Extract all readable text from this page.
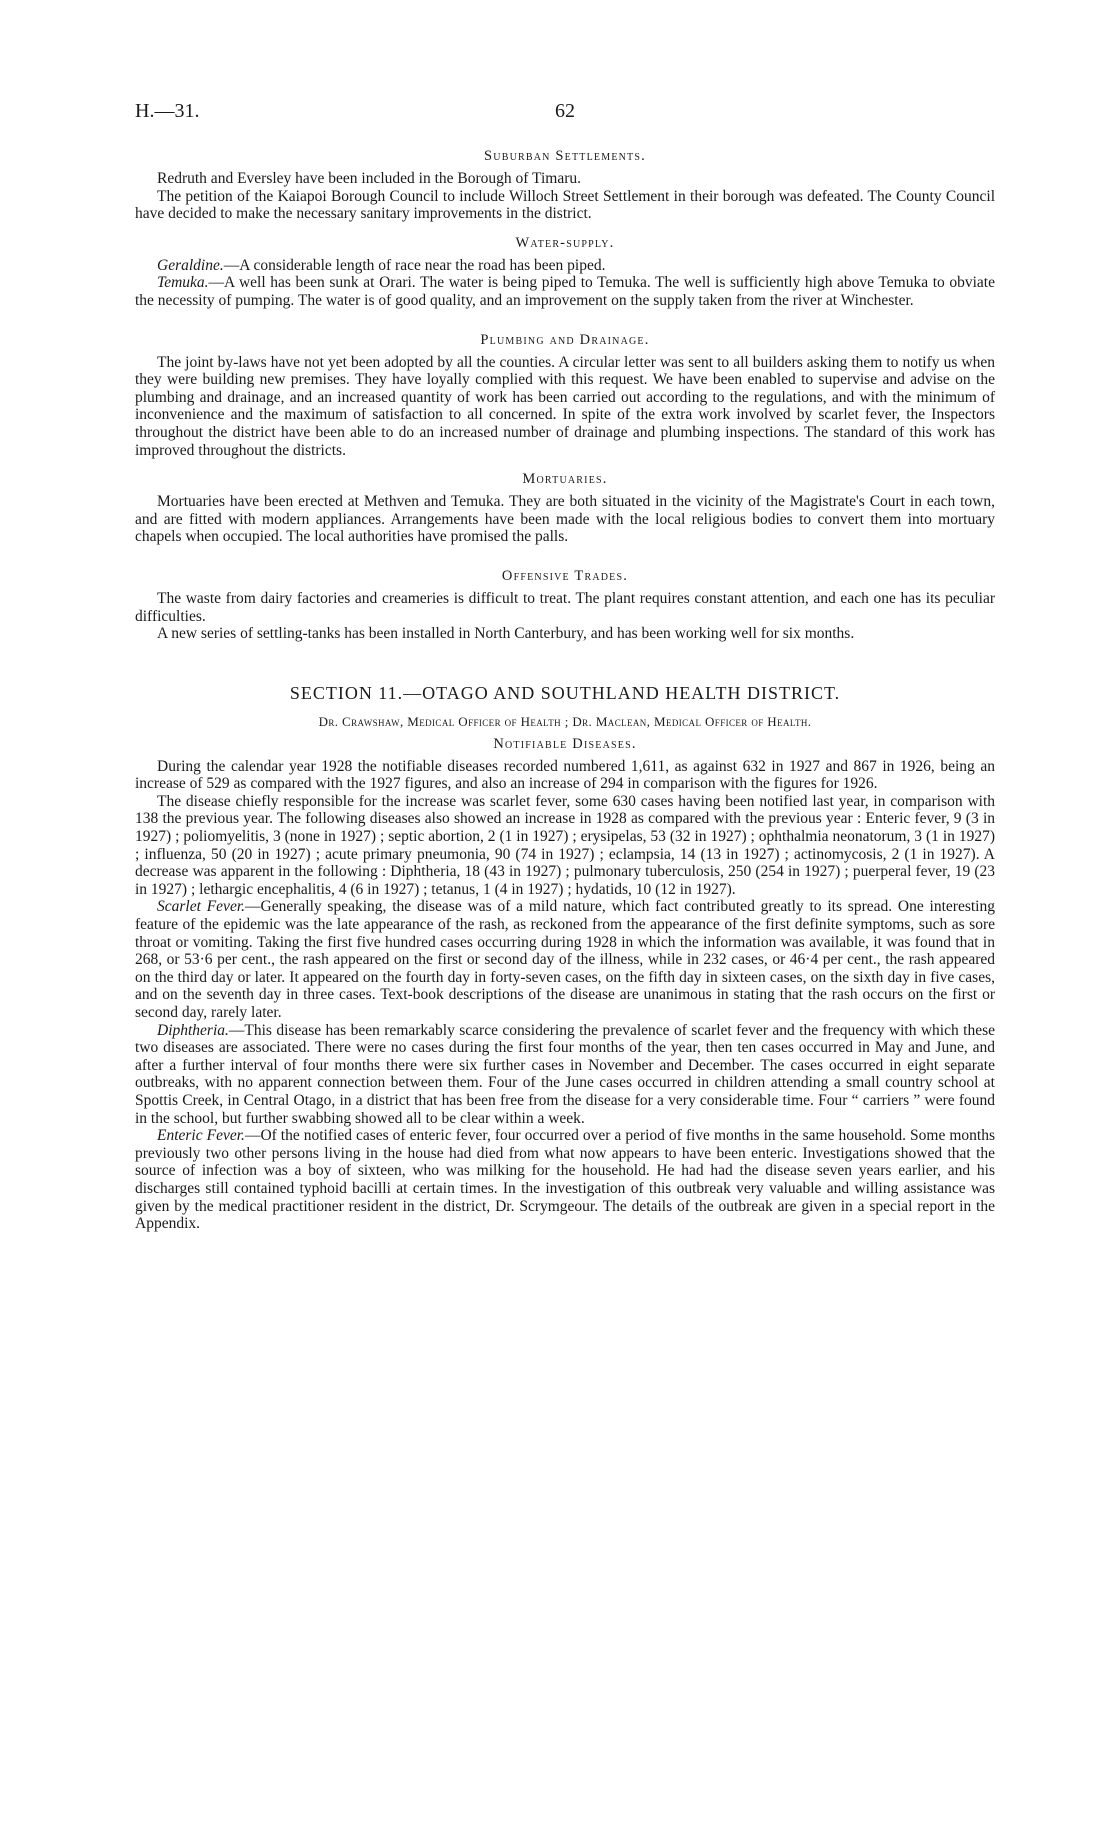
H.—31.	62
Suburban Settlements.

Redruth and Eversley have been included in the Borough of Timaru.

The petition of the Kaiapoi Borough Council to include Willoch Street Settlement in their borough was defeated. The County Council have decided to make the necessary sanitary improvements in the district.

Water-supply.

Geraldine.—A considerable length of race near the road has been piped.

Temuka.—A well has been sunk at Orari. The water is being piped to Temuka. The well is sufficiently high above Temuka to obviate the necessity of pumping. The water is of good quality, and an improvement on the supply taken from the river at Winchester.

Plumbing and Drainage.

The joint by-laws have not yet been adopted by all the counties. A circular letter was sent to all builders asking them to notify us when they were building new premises. They have loyally complied with this request. We have been enabled to supervise and advise on the plumbing and drainage, and an increased quantity of work has been carried out according to the regulations, and with the minimum of inconvenience and the maximum of satisfaction to all concerned. In spite of the extra work involved by scarlet fever, the Inspectors throughout the district have been able to do an increased number of drainage and plumbing inspections. The standard of this work has improved throughout the districts.

Mortuaries.

Mortuaries have been erected at Methven and Temuka. They are both situated in the vicinity of the Magistrate's Court in each town, and are fitted with modern appliances. Arrangements have been made with the local religious bodies to convert them into mortuary chapels when occupied. The local authorities have promised the palls.

Offensive Trades.

The waste from dairy factories and creameries is difficult to treat. The plant requires constant attention, and each one has its peculiar difficulties.

A new series of settling-tanks has been installed in North Canterbury, and has been working well for six months.

SECTION 11.—OTAGO AND SOUTHLAND HEALTH DISTRICT.
Dr. Crawshaw, Medical Officer of Health ; Dr. Maclean, Medical Officer of Health.
Notifiable Diseases.

During the calendar year 1928 the notifiable diseases recorded numbered 1,611, as against 632 in 1927 and 867 in 1926, being an increase of 529 as compared with the 1927 figures, and also an increase of 294 in comparison with the figures for 1926.

The disease chiefly responsible for the increase was scarlet fever, some 630 cases having been notified last year, in comparison with 138 the previous year. The following diseases also showed an increase in 1928 as compared with the previous year : Enteric fever, 9 (3 in 1927) ; poliomyelitis, 3 (none in 1927) ; septic abortion, 2 (1 in 1927) ; erysipelas, 53 (32 in 1927) ; ophthalmia neonatorum, 3 (1 in 1927) ; influenza, 50 (20 in 1927) ; acute primary pneumonia, 90 (74 in 1927) ; eclampsia, 14 (13 in 1927) ; actinomycosis, 2 (1 in 1927). A decrease was apparent in the following : Diphtheria, 18 (43 in 1927) ; pulmonary tuberculosis, 250 (254 in 1927) ; puerperal fever, 19 (23 in 1927) ; lethargic encephalitis, 4 (6 in 1927) ; tetanus, 1 (4 in 1927) ; hydatids, 10 (12 in 1927).

Scarlet Fever.—Generally speaking, the disease was of a mild nature, which fact contributed greatly to its spread. One interesting feature of the epidemic was the late appearance of the rash, as reckoned from the appearance of the first definite symptoms, such as sore throat or vomiting. Taking the first five hundred cases occurring during 1928 in which the information was available, it was found that in 268, or 53·6 per cent., the rash appeared on the first or second day of the illness, while in 232 cases, or 46·4 per cent., the rash appeared on the third day or later. It appeared on the fourth day in forty-seven cases, on the fifth day in sixteen cases, on the sixth day in five cases, and on the seventh day in three cases. Text-book descriptions of the disease are unanimous in stating that the rash occurs on the first or second day, rarely later.

Diphtheria.—This disease has been remarkably scarce considering the prevalence of scarlet fever and the frequency with which these two diseases are associated. There were no cases during the first four months of the year, then ten cases occurred in May and June, and after a further interval of four months there were six further cases in November and December. The cases occurred in eight separate outbreaks, with no apparent connection between them. Four of the June cases occurred in children attending a small country school at Spottis Creek, in Central Otago, in a district that has been free from the disease for a very considerable time. Four “ carriers ” were found in the school, but further swabbing showed all to be clear within a week.

Enteric Fever.—Of the notified cases of enteric fever, four occurred over a period of five months in the same household. Some months previously two other persons living in the house had died from what now appears to have been enteric. Investigations showed that the source of infection was a boy of sixteen, who was milking for the household. He had had the disease seven years earlier, and his discharges still contained typhoid bacilli at certain times. In the investigation of this outbreak very valuable and willing assistance was given by the medical practitioner resident in the district, Dr. Scrymgeour. The details of the outbreak are given in a special report in the Appendix.
